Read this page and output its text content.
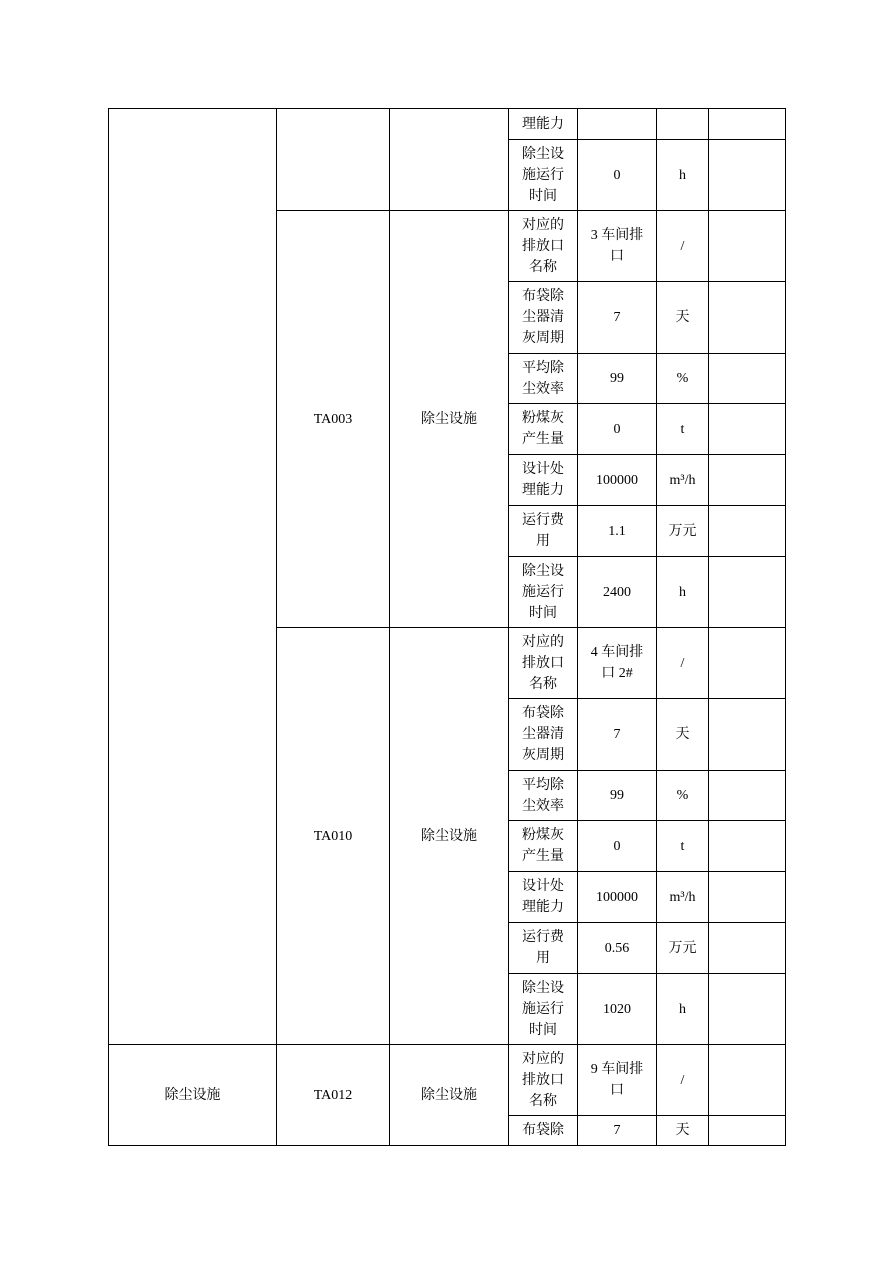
			理能力			
			除尘设施运行时间	0	h	
	TA003	除尘设施	对应的排放口名称	3 车间排口	/	
			布袋除尘器清灰周期	7	天	
			平均除尘效率	99	%	
			粉煤灰产生量	0	t	
			设计处理能力	100000	m³/h	
			运行费用	1.1	万元	
			除尘设施运行时间	2400	h	
	TA010	除尘设施	对应的排放口名称	4 车间排口 2#	/	
			布袋除尘器清灰周期	7	天	
			平均除尘效率	99	%	
			粉煤灰产生量	0	t	
			设计处理能力	100000	m³/h	
			运行费用	0.56	万元	
			除尘设施运行时间	1020	h	
除尘设施	TA012	除尘设施	对应的排放口名称	9 车间排口	/	
			布袋除	7	天	
